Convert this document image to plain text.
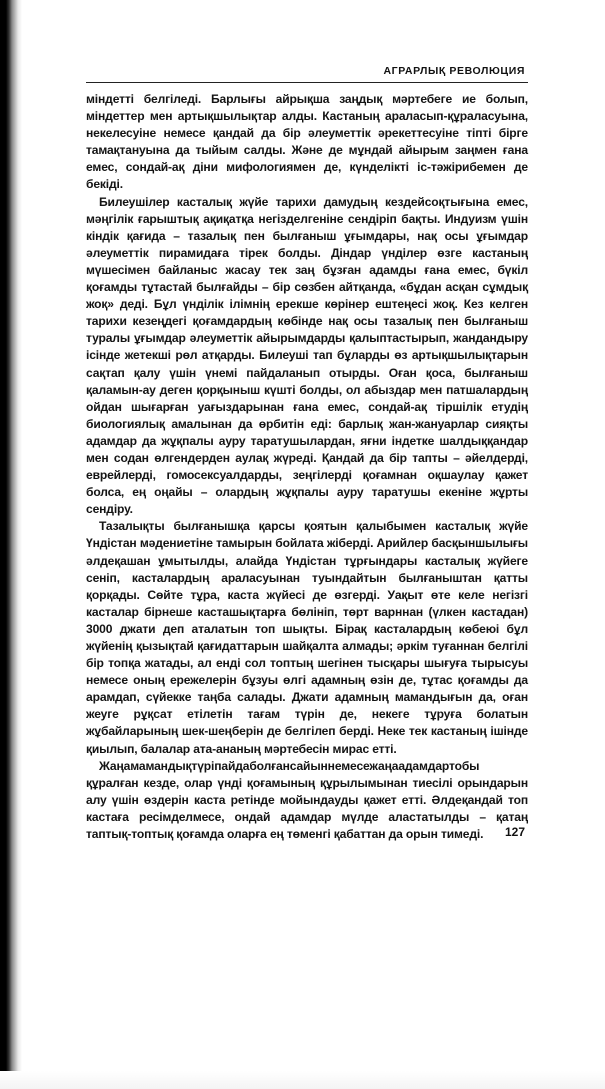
АГРАРЛЫҚ РЕВОЛЮЦИЯ

міндетті белгіледі. Барлығы айрықша заңдық мәртебеге ие болып, міндеттер мен артықшылықтар алды. Кастаның араласып-құраласуына, некелесуіне немесе қандай да бір әлеуметтік әрекеттесуіне тіпті бірге тамақтануына да тыйым салды. Және де мұндай айырым заңмен ғана емес, сондай-ақ діни мифологиямен де, күнделікті іс-тәжірибемен де бекіді.

Билеушілер касталық жүйе тарихи дамудың кездейсоқтығына емес, мәңгілік ғарыштық ақиқатқа негізделгеніне сендіріп бақты. Индуизм үшін кіндік қағида – тазалық пен былғаныш ұғымдары, нақ осы ұғымдар әлеуметтік пирамидаға тірек болды. Діндар үнділер өзге кастаның мүшесімен байланыс жасау тек заң бұзған адамды ғана емес, бүкіл қоғамды тұтастай былғайды – бір сөзбен айтқанда, «бұдан асқан сұмдық жоқ» деді. Бұл үнділік ілімнің ерекше көрінер ештеңесі жоқ. Кез келген тарихи кезеңдегі қоғамдардың көбінде нақ осы тазалық пен былғаныш туралы ұғымдар әлеуметтік айырымдарды қалыптастырып, жандандыру ісінде жетекші рөл атқарды. Билеуші тап бұларды өз артықшылықтарын сақтап қалу үшін үнемі пайдаланып отырды. Оған қоса, былғаныш қаламын-ау деген қорқыныш күшті болды, ол абыздар мен патшалардың ойдан шығарған уағыздарынан ғана емес, сондай-ақ тіршілік етудің биологиялық амалынан да өрбитін еді: барлық жан-жануарлар сияқты адамдар да жұқпалы ауру таратушылардан, яғни індетке шалдыққандар мен содан өлгендерден аулақ жүреді. Қандай да бір тапты – әйелдерді, еврейлерді, гомосексуалдарды, зеңгілерді қоғамнан оқшаулау қажет болса, ең оңайы – олардың жұқпалы ауру таратушы екеніне жұрты сендіру.

Тазалықты былғанышқа қарсы қоятын қалыбымен касталық жүйе Үндістан мәдениетіне тамырын бойлата жіберді. Арийлер басқыншылығы әлдеқашан ұмытылды, алайда Үндістан тұрғындары касталық жүйеге сеніп, касталардың араласуынан туындайтын былғаныштан қатты қорқады. Сөйте тұра, каста жүйесі де өзгерді. Уақыт өте келе негізгі касталар бірнеше касташықтарға бөлініп, төрт варннан (үлкен кастадан) 3000 джати деп аталатын топ шықты. Бірақ касталардың көбеюі бұл жүйенің қызықтай қағидаттарын шайқалта алмады; әркім туғаннан белгілі бір топқа жатады, ал енді сол топтың шегінен тысқары шығуға тырысуы немесе оның ережелерін бұзуы өлгі адамның өзін де, тұтас қоғамды да арамдап, сүйекке таңба салады. Джати адамның мамандығын да, оған жеуге рұқсат етілетін тағам түрін де, некеге тұруға болатын жұбайларының шек-шеңберін де белгілеп берді. Неке тек кастаның ішінде қиылып, балалар ата-ананың мәртебесін мирас етті.

Жаңамамандықтүріпайдаболғансайыннемесежаңаадамдартобы құралған кезде, олар үнді қоғамының құрылымынан тиесілі орындарын алу үшін өздерін каста ретінде мойындауды қажет етті. Әлдеқандай топ кастаға ресімделмесе, ондай адамдар мүлде аластатылды – қатаң таптық-топтық қоғамда оларға ең төменгі қабаттан да орын тимеді.	127
